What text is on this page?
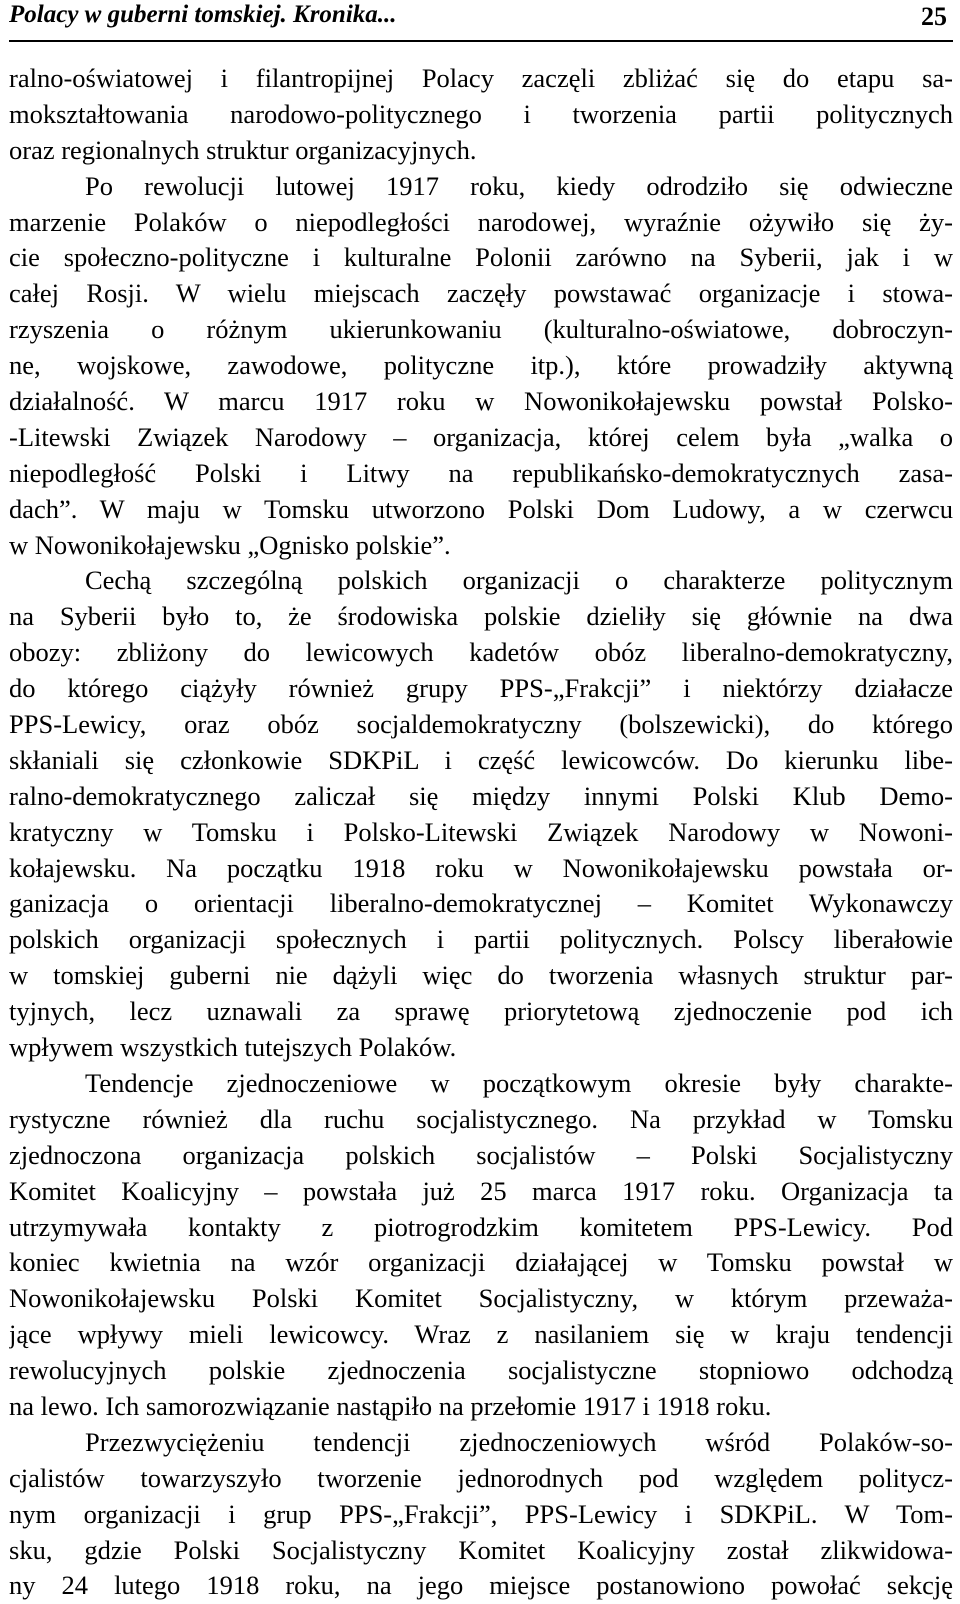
Polacy w guberni tomskiej. Kronika...	25
ralno-oświatowej i filantropijnej Polacy zaczęli zbliżać się do etapu sa-
mokształtowania narodowo-politycznego i tworzenia partii politycznych
oraz regionalnych struktur organizacyjnych.
Po rewolucji lutowej 1917 roku, kiedy odrodziło się odwieczne
marzenie Polaków o niepodległości narodowej, wyraźnie ożywiło się ży-
cie społeczno-polityczne i kulturalne Polonii zarówno na Syberii, jak i w
całej Rosji. W wielu miejscach zaczęły powstawać organizacje i stowa-
rzyszenia o różnym ukierunkowaniu (kulturalno-oświatowe, dobroczyn-
ne, wojskowe, zawodowe, polityczne itp.), które prowadziły aktywną
działalność. W marcu 1917 roku w Nowonikołajewsku powstał Polsko-
-Litewski Związek Narodowy – organizacja, której celem była „walka o
niepodległość Polski i Litwy na republikańsko-demokratycznych zasa-
dach”. W maju w Tomsku utworzono Polski Dom Ludowy, a w czerwcu
w Nowonikołajewsku „Ognisko polskie”.
Cechą szczególną polskich organizacji o charakterze politycznym
na Syberii było to, że środowiska polskie dzieliły się głównie na dwa
obozy: zbliżony do lewicowych kadetów obóz liberalno-demokratyczny,
do którego ciążyły również grupy PPS-„Frakcji” i niektórzy działacze
PPS-Lewicy, oraz obóz socjaldemokratyczny (bolszewicki), do którego
skłaniali się członkowie SDKPiL i część lewicowców. Do kierunku libe-
ralno-demokratycznego zaliczał się między innymi Polski Klub Demo-
kratyczny w Tomsku i Polsko-Litewski Związek Narodowy w Nowoni-
kołajewsku. Na początku 1918 roku w Nowonikołajewsku powstała or-
ganizacja o orientacji liberalno-demokratycznej – Komitet Wykonawczy
polskich organizacji społecznych i partii politycznych. Polscy liberałowie
w tomskiej guberni nie dążyli więc do tworzenia własnych struktur par-
tyjnych, lecz uznawali za sprawę priorytetową zjednoczenie pod ich
wpływem wszystkich tutejszych Polaków.
Tendencje zjednoczeniowe w początkowym okresie były charakte-
rystyczne również dla ruchu socjalistycznego. Na przykład w Tomsku
zjednoczona organizacja polskich socjalistów – Polski Socjalistyczny
Komitet Koalicyjny – powstała już 25 marca 1917 roku. Organizacja ta
utrzymywała kontakty z piotrogrodzkim komitetem PPS-Lewicy. Pod
koniec kwietnia na wzór organizacji działającej w Tomsku powstał w
Nowonikołajewsku Polski Komitet Socjalistyczny, w którym przeważa-
jące wpływy mieli lewicowcy. Wraz z nasilaniem się w kraju tendencji
rewolucyjnych polskie zjednoczenia socjalistyczne stopniowo odchodzą
na lewo. Ich samorozwiązanie nastąpiło na przełomie 1917 i 1918 roku.
Przezwyciężeniu tendencji zjednoczeniowych wśród Polaków-so-
cjalistów towarzyszyło tworzenie jednorodnych pod względem politycz-
nym organizacji i grup PPS-„Frakcji”, PPS-Lewicy i SDKPiL. W Tom-
sku, gdzie Polski Socjalistyczny Komitet Koalicyjny został zlikwidowa-
ny 24 lutego 1918 roku, na jego miejsce postanowiono powołać sekcję
